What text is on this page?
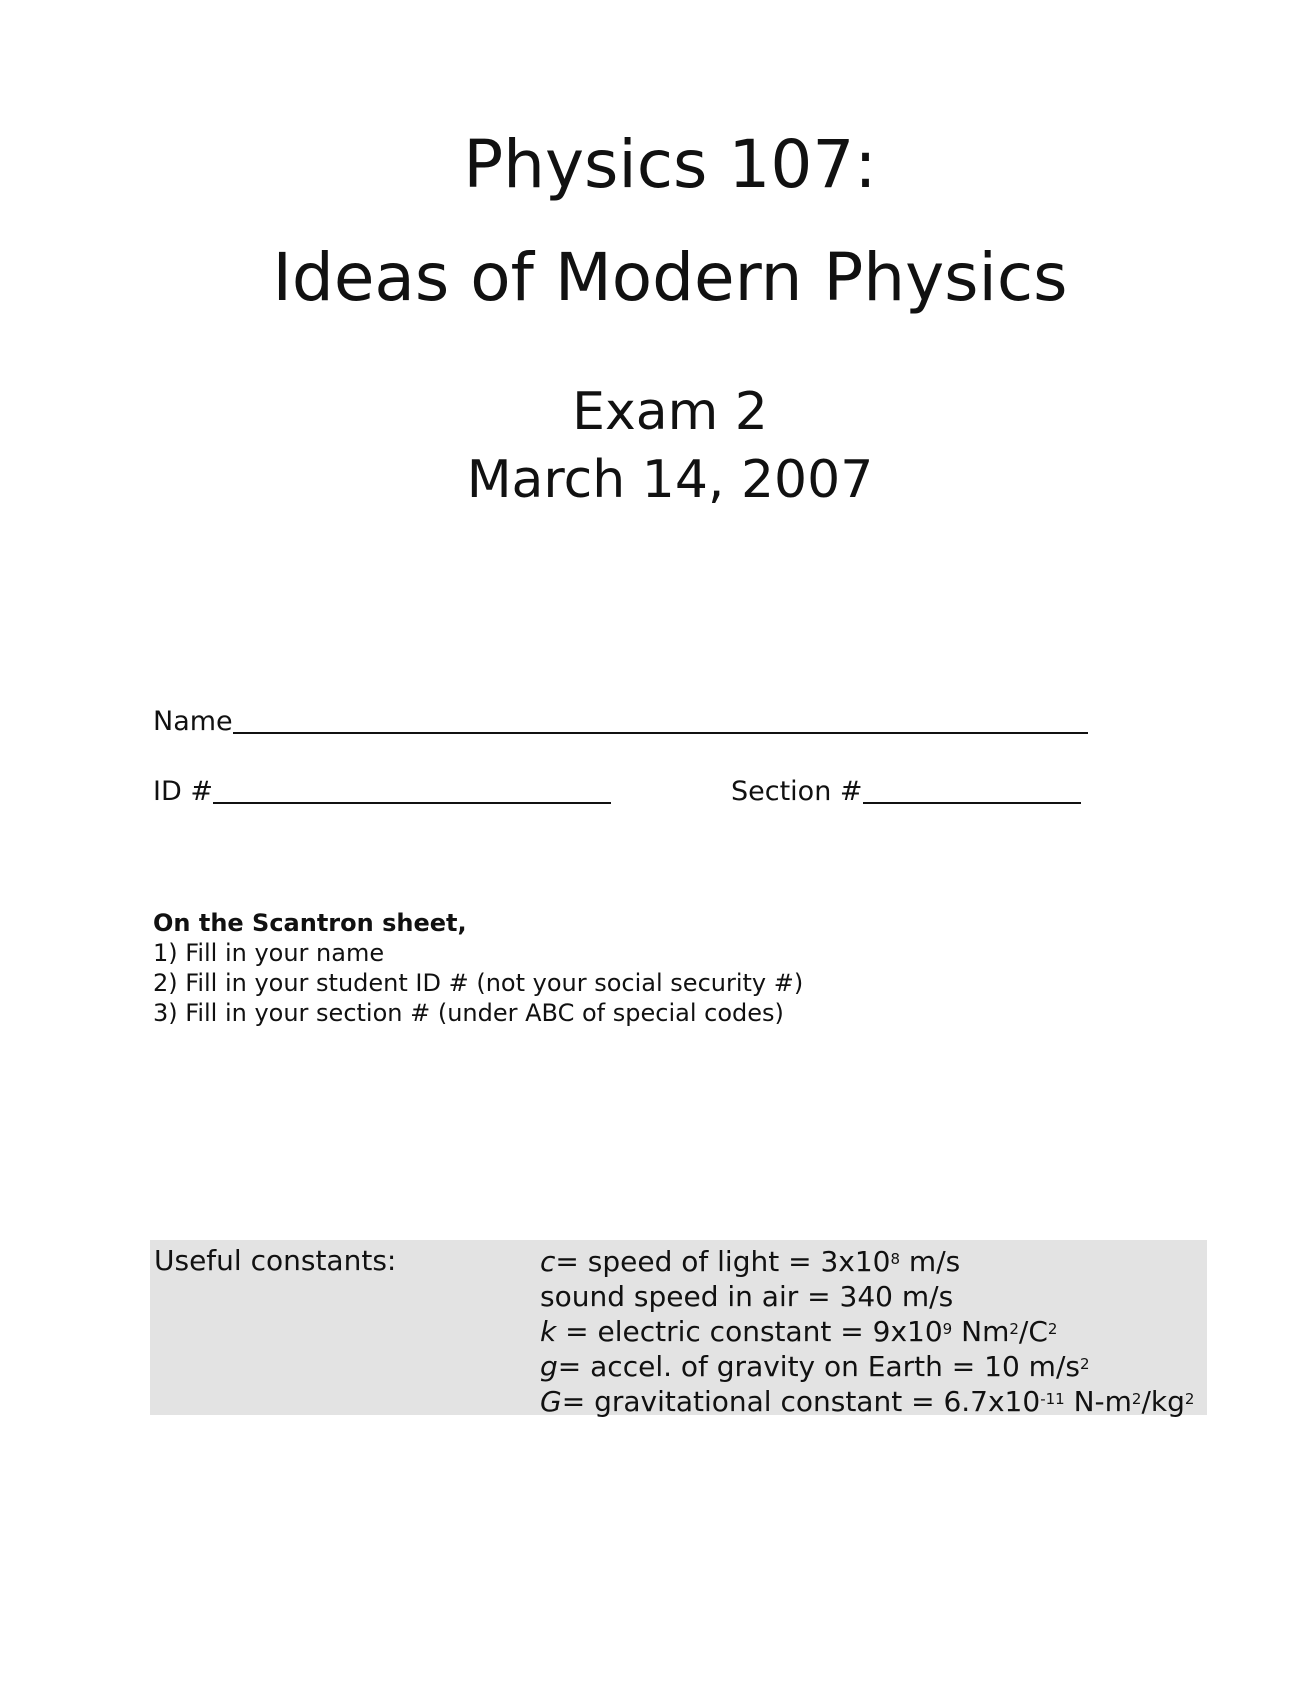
Physics 107:
Ideas of Modern Physics
Exam 2
March 14, 2007
Name
ID #	Section #
On the Scantron sheet,
1) Fill in your name
2) Fill in your student ID # (not your social security #)
3) Fill in your section # (under ABC of special codes)
Useful constants:	c= speed of light = $3x10^8$ m/s
sound speed in air = 340 m/s
k = electric constant = $9x10^9$ $Nm^2/C^2$
g= accel. of gravity on Earth = 10 $m/s^2$
G= gravitational constant = $6.7x10^{-11}$ $N-m^2/kg^2$
